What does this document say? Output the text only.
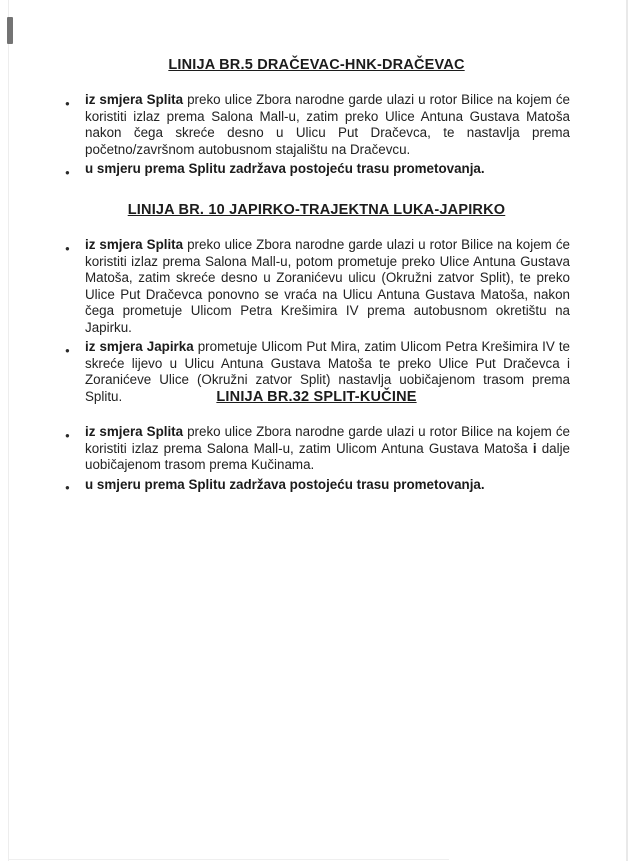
LINIJA BR.5 DRAČEVAC-HNK-DRAČEVAC
● iz smjera Splita preko ulice Zbora narodne garde ulazi u rotor Bilice na kojem će koristiti izlaz prema Salona Mall-u, zatim preko Ulice Antuna Gustava Matoša nakon čega skreće desno u Ulicu Put Dračevca, te nastavlja prema početno/završnom autobusnom stajalištu na Dračevcu.
● u smjeru prema Splitu zadržava postojeću trasu prometovanja.
LINIJA BR. 10 JAPIRKO-TRAJEKTNA LUKA-JAPIRKO
● iz smjera Splita preko ulice Zbora narodne garde ulazi u rotor Bilice na kojem će koristiti izlaz prema Salona Mall-u, potom prometuje preko Ulice Antuna Gustava Matoša, zatim skreće desno u Zoranićevu ulicu (Okružni zatvor Split), te preko Ulice Put Dračevca ponovno se vraća na Ulicu Antuna Gustava Matoša, nakon čega prometuje Ulicom Petra Krešimira IV prema autobusnom okretištu na Japirku.
● iz smjera Japirka prometuje Ulicom Put Mira, zatim Ulicom Petra Krešimira IV te skreće lijevo u Ulicu Antuna Gustava Matoša te preko Ulice Put Dračevca i Zoranićeve Ulice (Okružni zatvor Split) nastavlja uobičajenom trasom prema Splitu.	LINIJA BR.32 SPLIT-KUČINE
● iz smjera Splita preko ulice Zbora narodne garde ulazi u rotor Bilice na kojem će koristiti izlaz prema Salona Mall-u, zatim Ulicom Antuna Gustava Matoša i dalje uobičajenom trasom prema Kučinama.
● u smjeru prema Splitu zadržava postojeću trasu prometovanja.
